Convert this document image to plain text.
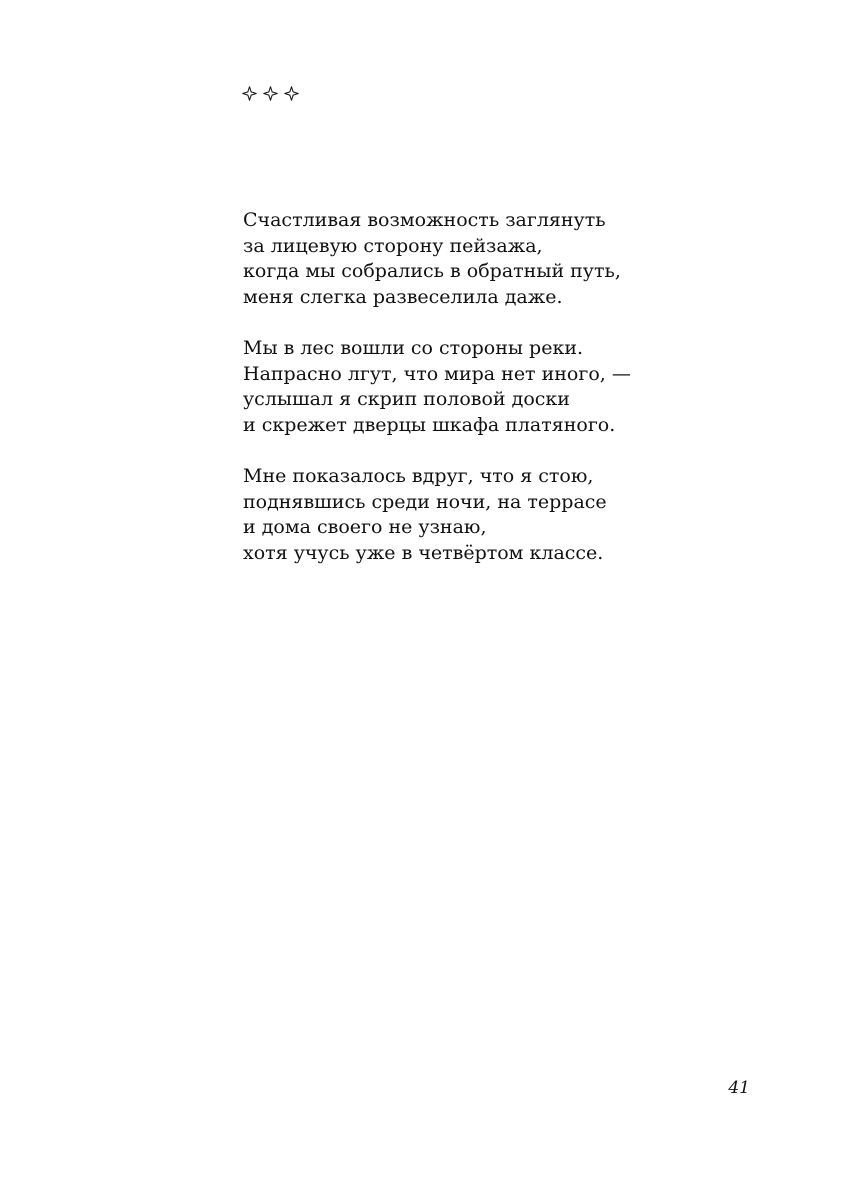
Счастливая возможность заглянуть
за лицевую сторону пейзажа,
когда мы собрались в обратный путь,
меня слегка развеселила даже.
Мы в лес вошли со стороны реки.
Напрасно лгут, что мира нет иного, —
услышал я скрип половой доски
и скрежет дверцы шкафа платяного.
Мне показалось вдруг, что я стою,
поднявшись среди ночи, на террасе
и дома своего не узнаю,
хотя учусь уже в четвёртом классе.
41
